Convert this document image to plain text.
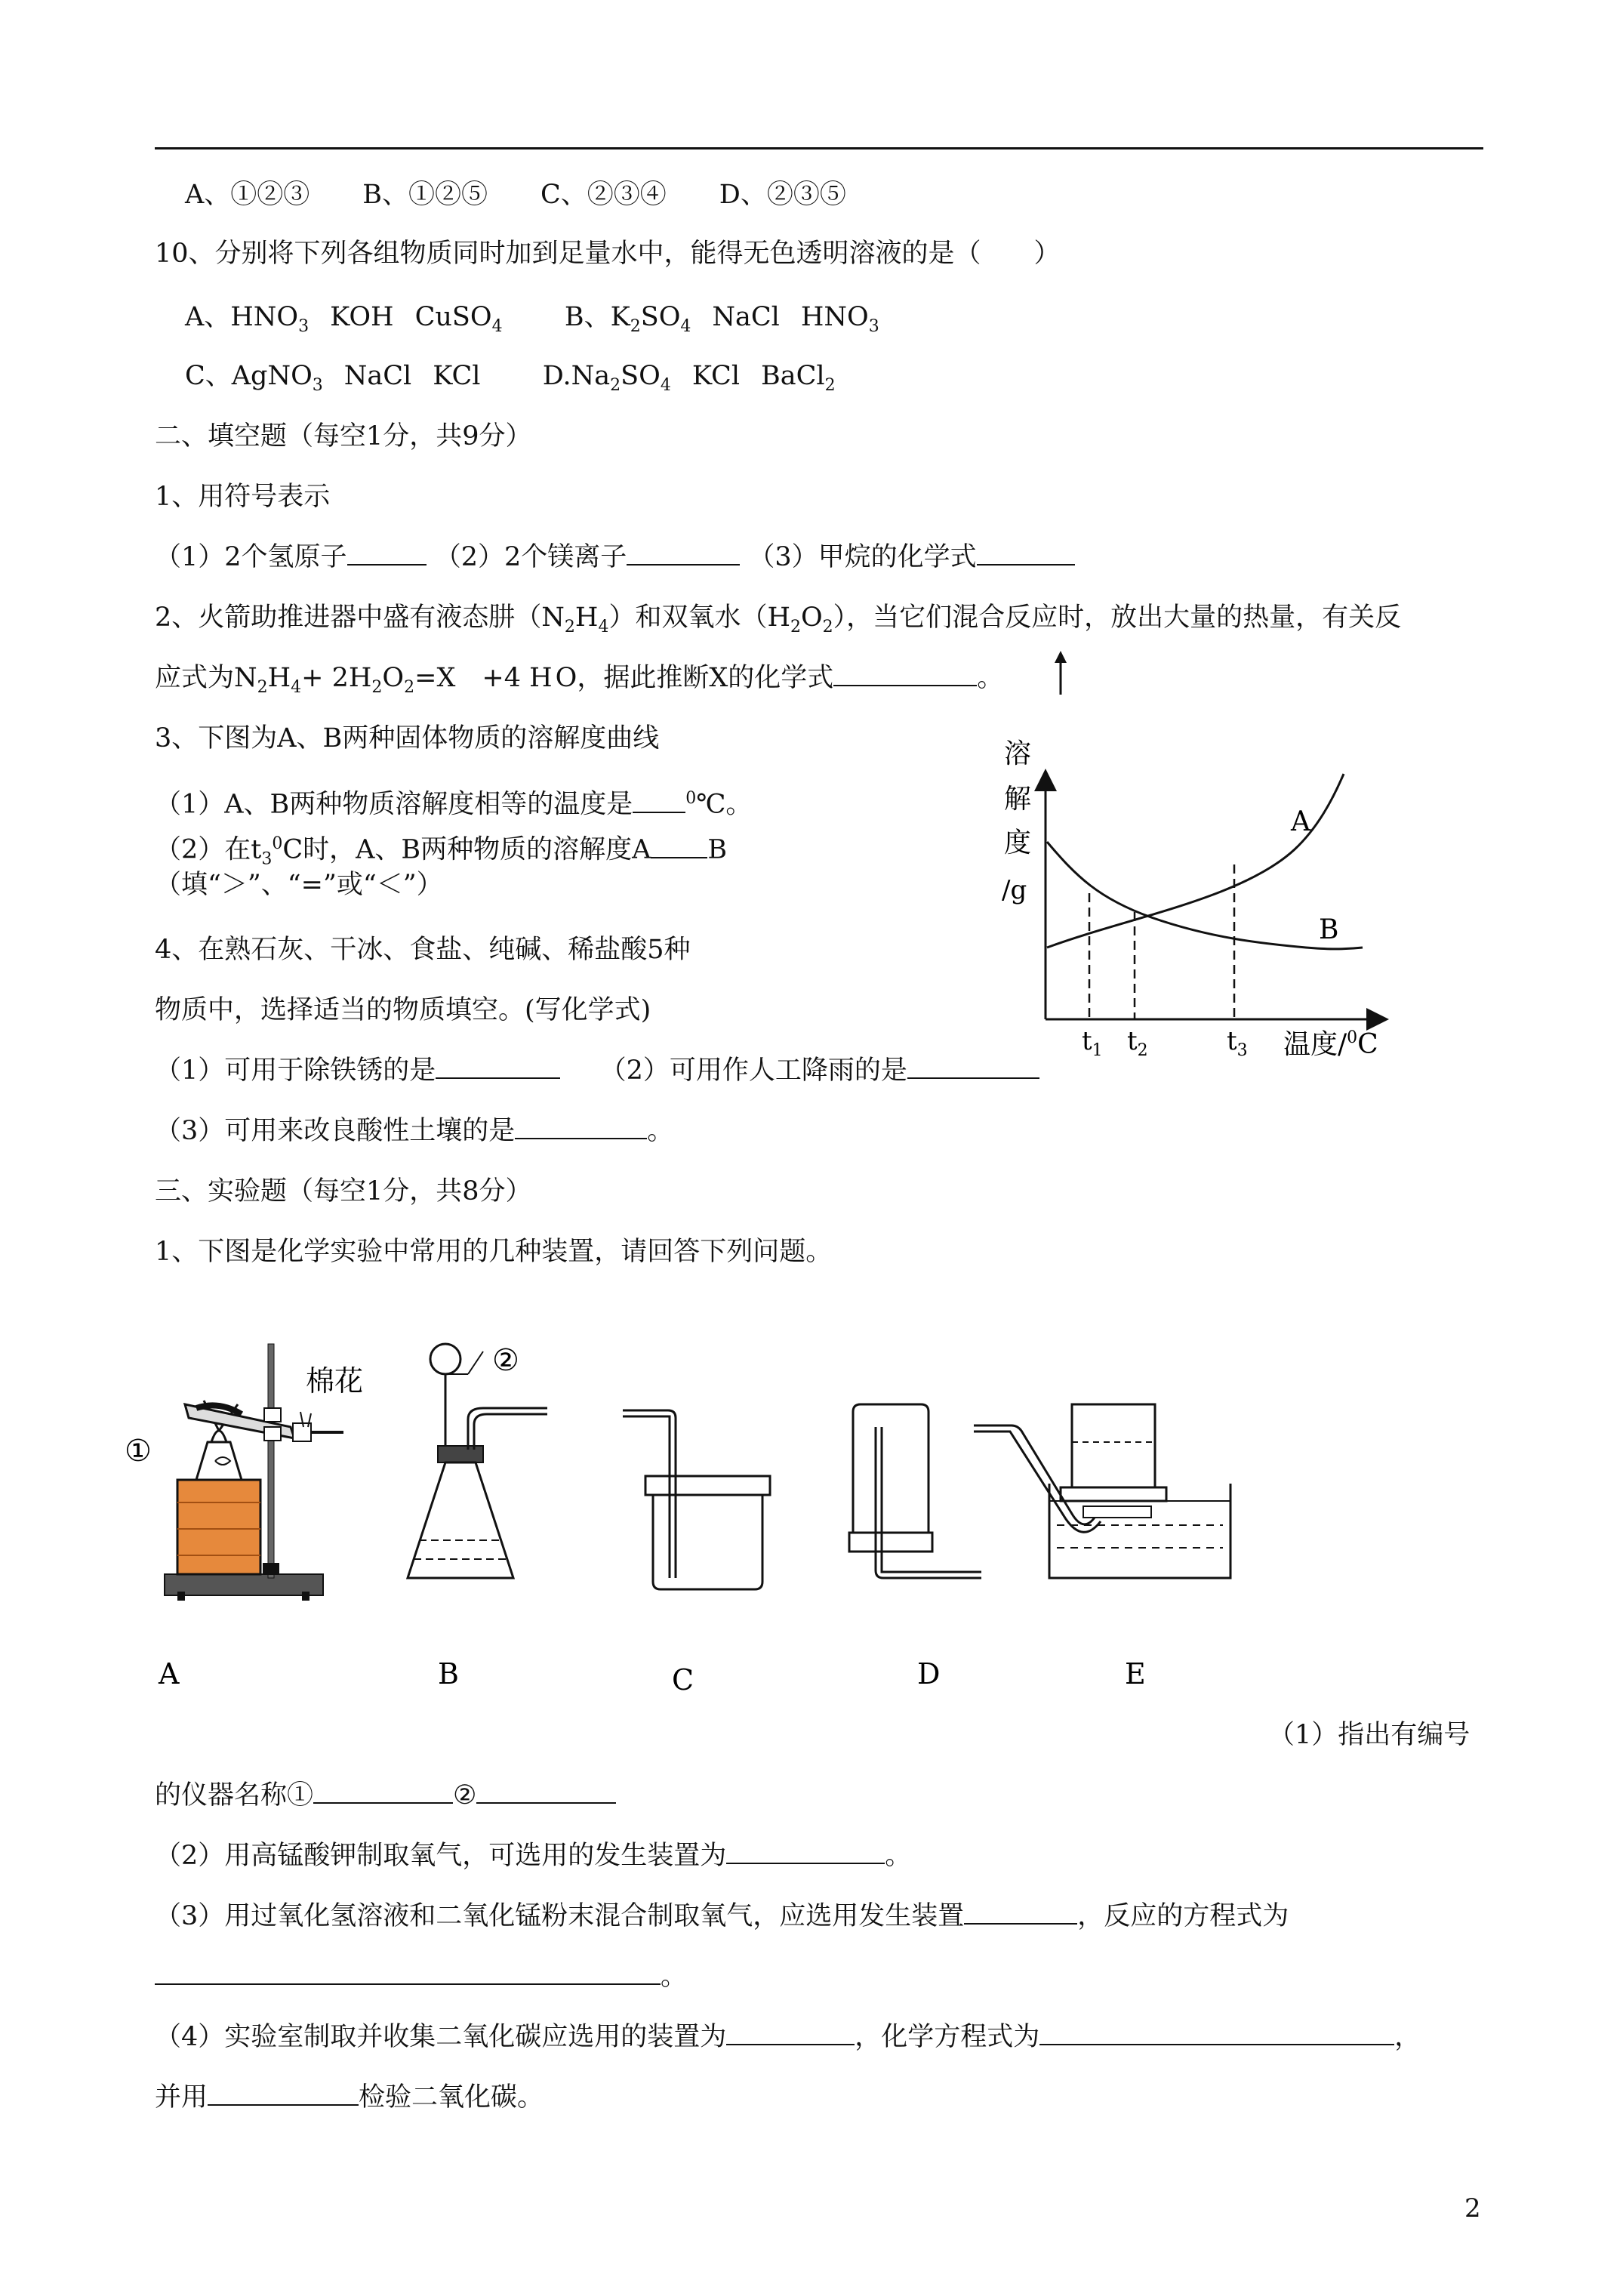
A、①②③　　B、①②⑤　　C、②③④　　D、②③⑤
10、分别将下列各组物质同时加到足量水中，能得无色透明溶液的是（　　）
A、$HNO_3$ KOH CuSO$_4$ B、$K_2SO_4$ NaCl $HNO_3$
C、AgNO$_3$ NaCl KCl $D.Na_2SO_4$ KCl BaCl$_2$
二、填空题（每空1分，共9分）
1、用符号表示
（1）2个氢原子	（2）2个镁离子	（3）甲烷的化学式
2、火箭助推进器中盛有液态肼$(N_2H_4)$和双氧水$(H_2O_2)$，当它们混合反应时，放出大量的热量，有关反
应式为$N_2H_4+ 2H_2O_2=X$　+4 H O，据此推断X的化学式	。
3、下图为A、B两种固体物质的溶解度曲线
（1）A、B两种物质溶解度相等的温度是	$^0$℃。
（2）在$t_3^0C$时，A、B两种物质的溶解度A B
（填“＞”、“=”或“＜”）
4、在熟石灰、干冰、食盐、纯碱、稀盐酸5种
物质中，选择适当的物质填空。(写化学式)
（1）可用于除铁锈的是	（2）可用作人工降雨的是
（3）可用来改良酸性土壤的是	。
溶
解
度
/g
A
B
$t_1$ $t_2$	$t_3$ 温度/$^0$C
三、实验题（每空1分，共8分）
1、下图是化学实验中常用的几种装置，请回答下列问题。
棉花
①
A
②
B	C	D	E
（1）指出有编号
的仪器名称①	②
（2）用高锰酸钾制取氧气，可选用的发生装置为	。
（3）用过氧化氢溶液和二氧化锰粉末混合制取氧气，应选用发生装置	，反应的方程式为
。
（4）实验室制取并收集二氧化碳应选用的装置为	，化学方程式为	，
并用	检验二氧化碳。
2
